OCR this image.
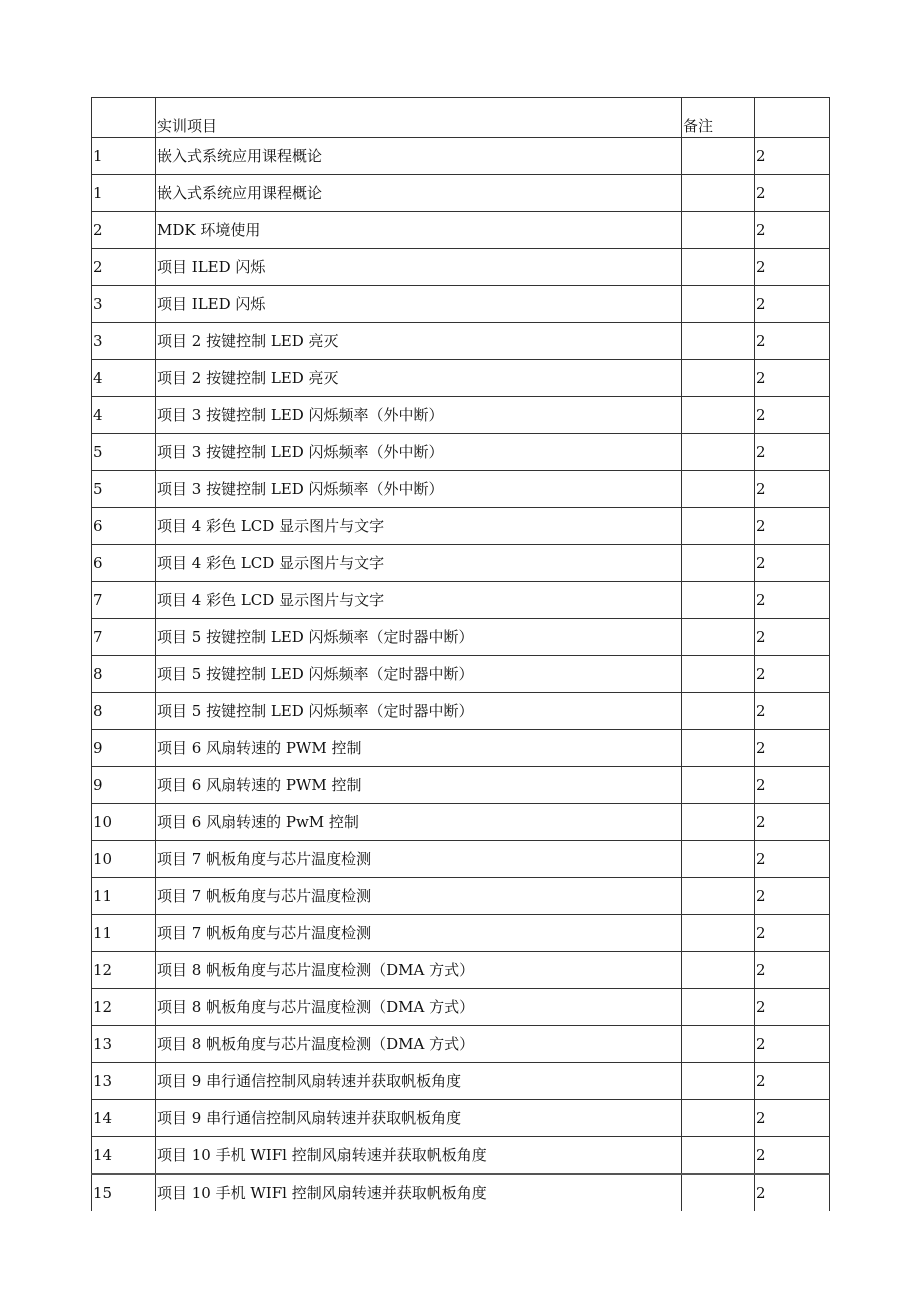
	实训项目	备注	
1	嵌入式系统应用课程概论		2
1	嵌入式系统应用课程概论		2
2	MDK 环境使用		2
2	项目 ILED 闪烁		2
3	项目 ILED 闪烁		2
3	项目 2 按键控制 LED 亮灭		2
4	项目 2 按键控制 LED 亮灭		2
4	项目 3 按键控制 LED 闪烁频率（外中断）		2
5	项目 3 按键控制 LED 闪烁频率（外中断）		2
5	项目 3 按键控制 LED 闪烁频率（外中断）		2
6	项目 4 彩色 LCD 显示图片与文字		2
6	项目 4 彩色 LCD 显示图片与文字		2
7	项目 4 彩色 LCD 显示图片与文字		2
7	项目 5 按键控制 LED 闪烁频率（定时器中断）		2
8	项目 5 按键控制 LED 闪烁频率（定时器中断）		2
8	项目 5 按键控制 LED 闪烁频率（定时器中断）		2
9	项目 6 风扇转速的 PWM 控制		2
9	项目 6 风扇转速的 PWM 控制		2
10	项目 6 风扇转速的 PwM 控制		2
10	项目 7 帆板角度与芯片温度检测		2
11	项目 7 帆板角度与芯片温度检测		2
11	项目 7 帆板角度与芯片温度检测		2
12	项目 8 帆板角度与芯片温度检测（DMA 方式）		2
12	项目 8 帆板角度与芯片温度检测（DMA 方式）		2
13	项目 8 帆板角度与芯片温度检测（DMA 方式）		2
13	项目 9 串行通信控制风扇转速并获取帆板角度		2
14	项目 9 串行通信控制风扇转速并获取帆板角度		2
14	项目 10 手机 WIFl 控制风扇转速并获取帆板角度		2
15	项目 10 手机 WIFl 控制风扇转速并获取帆板角度		2
